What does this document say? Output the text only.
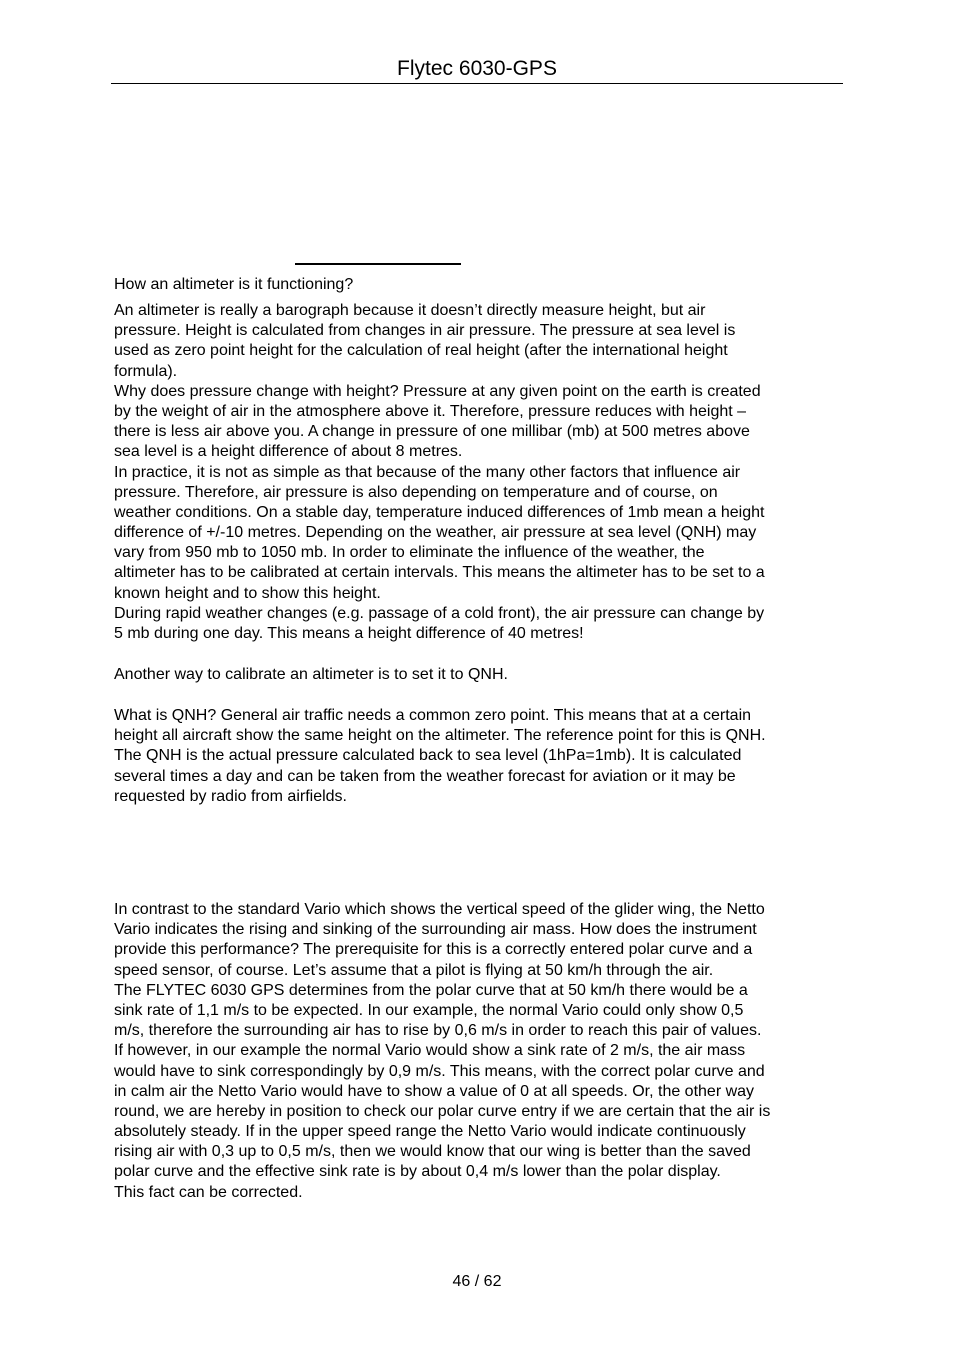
Flytec 6030-GPS

How an altimeter is it functioning?

An altimeter is really a barograph because it doesn’t directly measure height, but air
pressure. Height is calculated from changes in air pressure. The pressure at sea level is
used as zero point height for the calculation of real height (after the international height
formula).
Why does pressure change with height? Pressure at any given point on the earth is created
by the weight of air in the atmosphere above it. Therefore, pressure reduces with height –
there is less air above you. A change in pressure of one millibar (mb) at 500 metres above
sea level is a height difference of about 8 metres.
In practice, it is not as simple as that because of the many other factors that influence air
pressure. Therefore, air pressure is also depending on temperature and of course, on
weather conditions. On a stable day, temperature induced differences of 1mb mean a height
difference of +/-10 metres. Depending on the weather, air pressure at sea level (QNH) may
vary from 950 mb to 1050 mb. In order to eliminate the influence of the weather, the
altimeter has to be calibrated at certain intervals. This means the altimeter has to be set to a
known height and to show this height.
During rapid weather changes (e.g. passage of a cold front), the air pressure can change by
5 mb during one day. This means a height difference of 40 metres!

Another way to calibrate an altimeter is to set it to QNH.

What is QNH? General air traffic needs a common zero point. This means that at a certain
height all aircraft show the same height on the altimeter. The reference point for this is QNH.
The QNH is the actual pressure calculated back to sea level (1hPa=1mb). It is calculated
several times a day and can be taken from the weather forecast for aviation or it may be
requested by radio from airfields.
In contrast to the standard Vario which shows the vertical speed of the glider wing, the Netto
Vario indicates the rising and sinking of the surrounding air mass. How does the instrument
provide this performance? The prerequisite for this is a correctly entered polar curve and a
speed sensor, of course. Let’s assume that a pilot is flying at 50 km/h through the air.
The FLYTEC 6030 GPS determines from the polar curve that at 50 km/h there would be a
sink rate of 1,1 m/s to be expected. In our example, the normal Vario could only show 0,5
m/s, therefore the surrounding air has to rise by 0,6 m/s in order to reach this pair of values.
If however, in our example the normal Vario would show a sink rate of 2 m/s, the air mass
would have to sink correspondingly by 0,9 m/s. This means, with the correct polar curve and
in calm air the Netto Vario would have to show a value of 0 at all speeds. Or, the other way
round, we are hereby in position to check our polar curve entry if we are certain that the air is
absolutely steady. If in the upper speed range the Netto Vario would indicate continuously
rising air with 0,3 up to 0,5 m/s, then we would know that our wing is better than the saved
polar curve and the effective sink rate is by about 0,4 m/s lower than the polar display.
This fact can be corrected.
46 / 62
